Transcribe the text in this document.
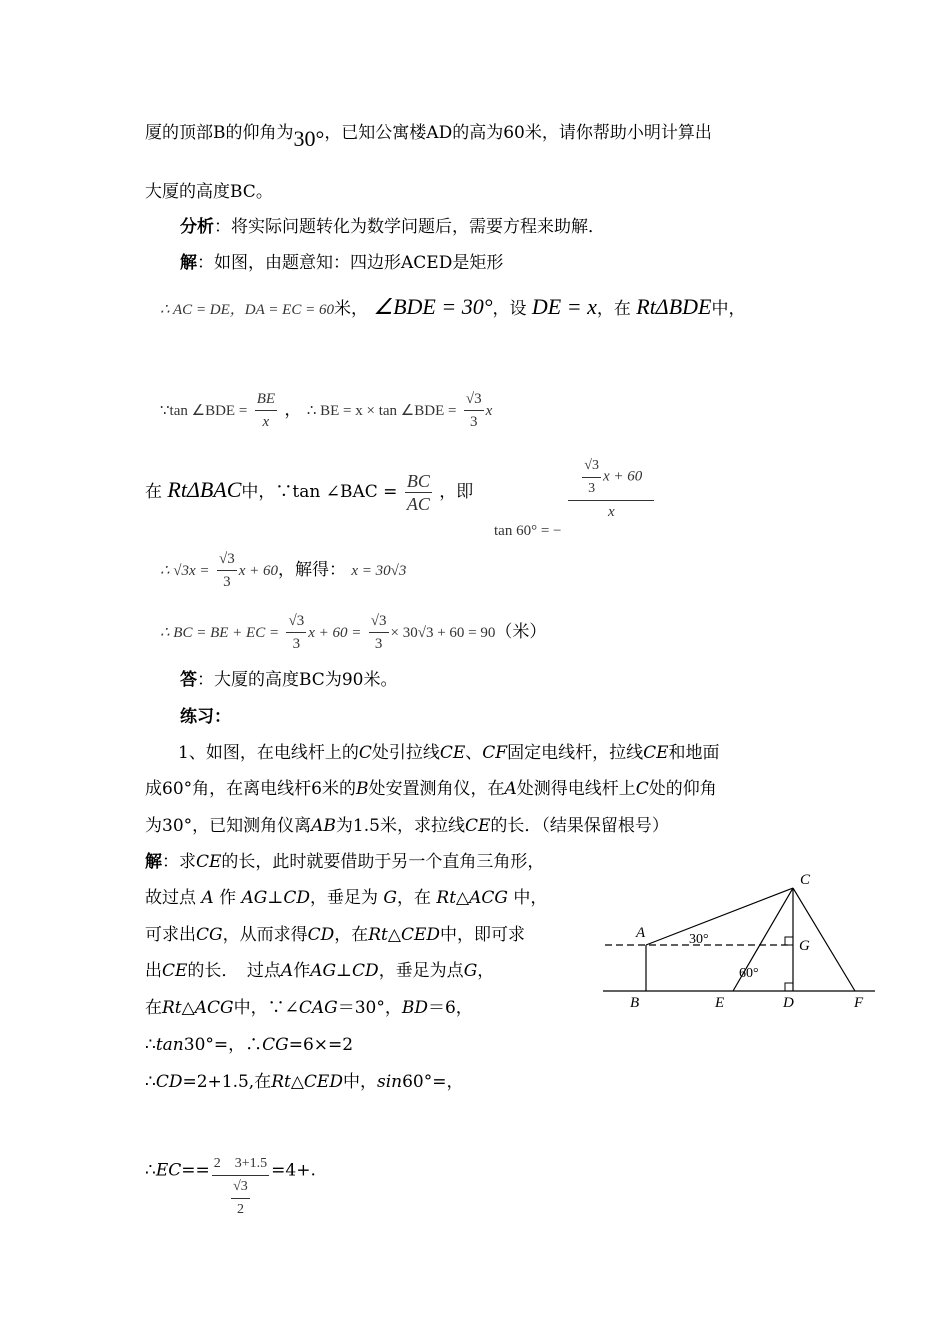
厦的顶部B的仰角为30°，已知公寓楼AD的高为60米，请你帮助小明计算出
大厦的高度BC。
分析：将实际问题转化为数学问题后，需要方程来助解．
解：如图，由题意知：四边形ACED是矩形
∴ AC = DE，DA = EC = 60米， ∠BDE = 30°，设 DE = x，在 RtΔBDE中，
∵tan ∠BDE = $\frac{BE}{x}$ ， ∴ BE = x × tan ∠BDE = $\frac{√3}{3}$ x
在 RtΔBAC中，∵tan ∠BAC = $\frac{BC}{AC}$ ，即
tan 60° = −
$\frac{\frac{√3}{3} x + 60}{x}$
∴ $√3x = \frac{√3}{3}$ x + 60，解得： x = 30√3
∴ BC = BE + EC = $\frac{√3}{3}$ $x + 60 = \frac{√3}{3} \times 30√3 + 60 = 90$（米）
答：大厦的高度BC为90米。
练习：
1、如图，在电线杆上的C处引拉线CE、CF固定电线杆，拉线CE和地面
成60°角，在离电线杆6米的B处安置测角仪，在A处测得电线杆上C处的仰角
为30°，已知测角仪离AB为1.5米，求拉线CE的长．（结果保留根号）
解：求CE的长，此时就要借助于另一个直角三角形，
故过点 A 作 AG⊥CD，垂足为 G，在 Rt△ACG 中，
可求出CG，从而求得CD，在Rt△CED中，即可求
出CE的长．　过点A作AG⊥CD，垂足为点G，
在Rt△ACG中，∵∠CAG＝30°，BD＝6，
∴tan30°=，∴CG=6×=2
∴CD=2+1.5,在Rt△CED中，sin60°=，
∴EC== $\frac{2 3+1.5}{\frac{√3}{2}} =4+$.
C
A
G
B	E	D	F
30°
60°
